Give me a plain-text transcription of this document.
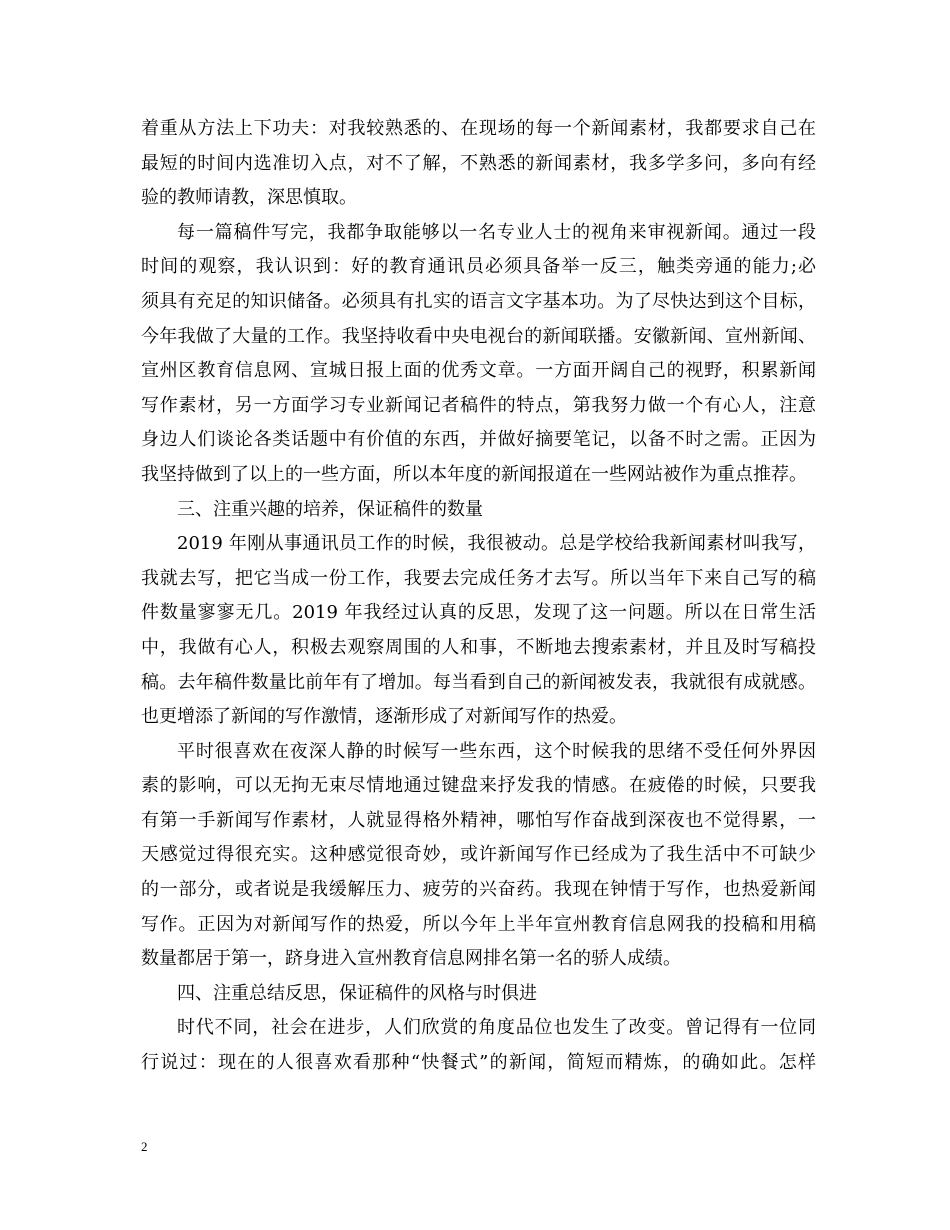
着重从方法上下功夫：对我较熟悉的、在现场的每一个新闻素材，我都要求自己在
最短的时间内选准切入点，对不了解，不熟悉的新闻素材，我多学多问，多向有经
验的教师请教，深思慎取。
每一篇稿件写完，我都争取能够以一名专业人士的视角来审视新闻。通过一段
时间的观察，我认识到：好的教育通讯员必须具备举一反三，触类旁通的能力;必
须具有充足的知识储备。必须具有扎实的语言文字基本功。为了尽快达到这个目标，
今年我做了大量的工作。我坚持收看中央电视台的新闻联播。安徽新闻、宣州新闻、
宣州区教育信息网、宣城日报上面的优秀文章。一方面开阔自己的视野，积累新闻
写作素材，另一方面学习专业新闻记者稿件的特点，第我努力做一个有心人，注意
身边人们谈论各类话题中有价值的东西，并做好摘要笔记，以备不时之需。正因为
我坚持做到了以上的一些方面，所以本年度的新闻报道在一些网站被作为重点推荐。
三、注重兴趣的培养，保证稿件的数量
2019 年刚从事通讯员工作的时候，我很被动。总是学校给我新闻素材叫我写，
我就去写，把它当成一份工作，我要去完成任务才去写。所以当年下来自己写的稿
件数量寥寥无几。2019 年我经过认真的反思，发现了这一问题。所以在日常生活
中，我做有心人，积极去观察周围的人和事，不断地去搜索素材，并且及时写稿投
稿。去年稿件数量比前年有了增加。每当看到自己的新闻被发表，我就很有成就感。
也更增添了新闻的写作激情，逐渐形成了对新闻写作的热爱。
平时很喜欢在夜深人静的时候写一些东西，这个时候我的思绪不受任何外界因
素的影响，可以无拘无束尽情地通过键盘来抒发我的情感。在疲倦的时候，只要我
有第一手新闻写作素材，人就显得格外精神，哪怕写作奋战到深夜也不觉得累，一
天感觉过得很充实。这种感觉很奇妙，或许新闻写作已经成为了我生活中不可缺少
的一部分，或者说是我缓解压力、疲劳的兴奋药。我现在钟情于写作，也热爱新闻
写作。正因为对新闻写作的热爱，所以今年上半年宣州教育信息网我的投稿和用稿
数量都居于第一，跻身进入宣州教育信息网排名第一名的骄人成绩。
四、注重总结反思，保证稿件的风格与时俱进
时代不同，社会在进步，人们欣赏的角度品位也发生了改变。曾记得有一位同
行说过：现在的人很喜欢看那种“快餐式”的新闻，简短而精炼，的确如此。怎样
2
